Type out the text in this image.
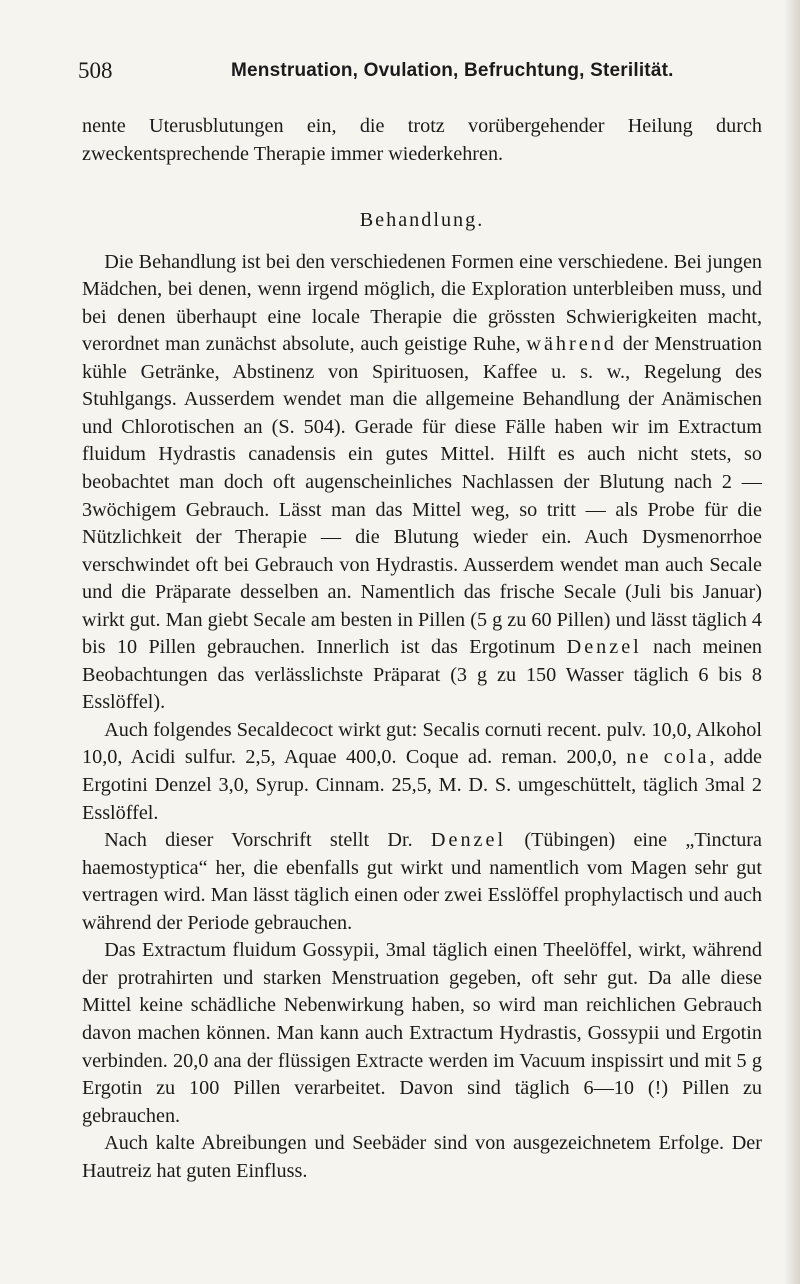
508	Menstruation, Ovulation, Befruchtung, Sterilität.

nente Uterusblutungen ein, die trotz vorübergehender Heilung durch zweckentsprechende Therapie immer wiederkehren.

Behandlung.

Die Behandlung ist bei den verschiedenen Formen eine verschiedene. Bei jungen Mädchen, bei denen, wenn irgend möglich, die Exploration unterbleiben muss, und bei denen überhaupt eine locale Therapie die grössten Schwierigkeiten macht, verordnet man zunächst absolute, auch geistige Ruhe, während der Menstruation kühle Getränke, Abstinenz von Spirituosen, Kaffee u. s. w., Regelung des Stuhlgangs. Ausserdem wendet man die allgemeine Behandlung der Anämischen und Chlorotischen an (S. 504). Gerade für diese Fälle haben wir im Extractum fluidum Hydrastis canadensis ein gutes Mittel. Hilft es auch nicht stets, so beobachtet man doch oft augenscheinliches Nachlassen der Blutung nach 2 — 3wöchigem Gebrauch. Lässt man das Mittel weg, so tritt — als Probe für die Nützlichkeit der Therapie — die Blutung wieder ein. Auch Dysmenorrhoe verschwindet oft bei Gebrauch von Hydrastis. Ausserdem wendet man auch Secale und die Präparate desselben an. Namentlich das frische Secale (Juli bis Januar) wirkt gut. Man giebt Secale am besten in Pillen (5 g zu 60 Pillen) und lässt täglich 4 bis 10 Pillen gebrauchen. Innerlich ist das Ergotinum Denzel nach meinen Beobachtungen das verlässlichste Präparat (3 g zu 150 Wasser täglich 6 bis 8 Esslöffel).

Auch folgendes Secaldecoct wirkt gut: Secalis cornuti recent. pulv. 10,0, Alkohol 10,0, Acidi sulfur. 2,5, Aquae 400,0. Coque ad. reman. 200,0, ne cola, adde Ergotini Denzel 3,0, Syrup. Cinnam. 25,5, M. D. S. umgeschüttelt, täglich 3mal 2 Esslöffel.

Nach dieser Vorschrift stellt Dr. Denzel (Tübingen) eine „Tinctura haemostyptica“ her, die ebenfalls gut wirkt und namentlich vom Magen sehr gut vertragen wird. Man lässt täglich einen oder zwei Esslöffel prophylactisch und auch während der Periode gebrauchen.

Das Extractum fluidum Gossypii, 3mal täglich einen Theelöffel, wirkt, während der protrahirten und starken Menstruation gegeben, oft sehr gut. Da alle diese Mittel keine schädliche Nebenwirkung haben, so wird man reichlichen Gebrauch davon machen können. Man kann auch Extractum Hydrastis, Gossypii und Ergotin verbinden. 20,0 ana der flüssigen Extracte werden im Vacuum inspissirt und mit 5 g Ergotin zu 100 Pillen verarbeitet. Davon sind täglich 6—10 (!) Pillen zu gebrauchen.

Auch kalte Abreibungen und Seebäder sind von ausgezeichnetem Erfolge. Der Hautreiz hat guten Einfluss.
